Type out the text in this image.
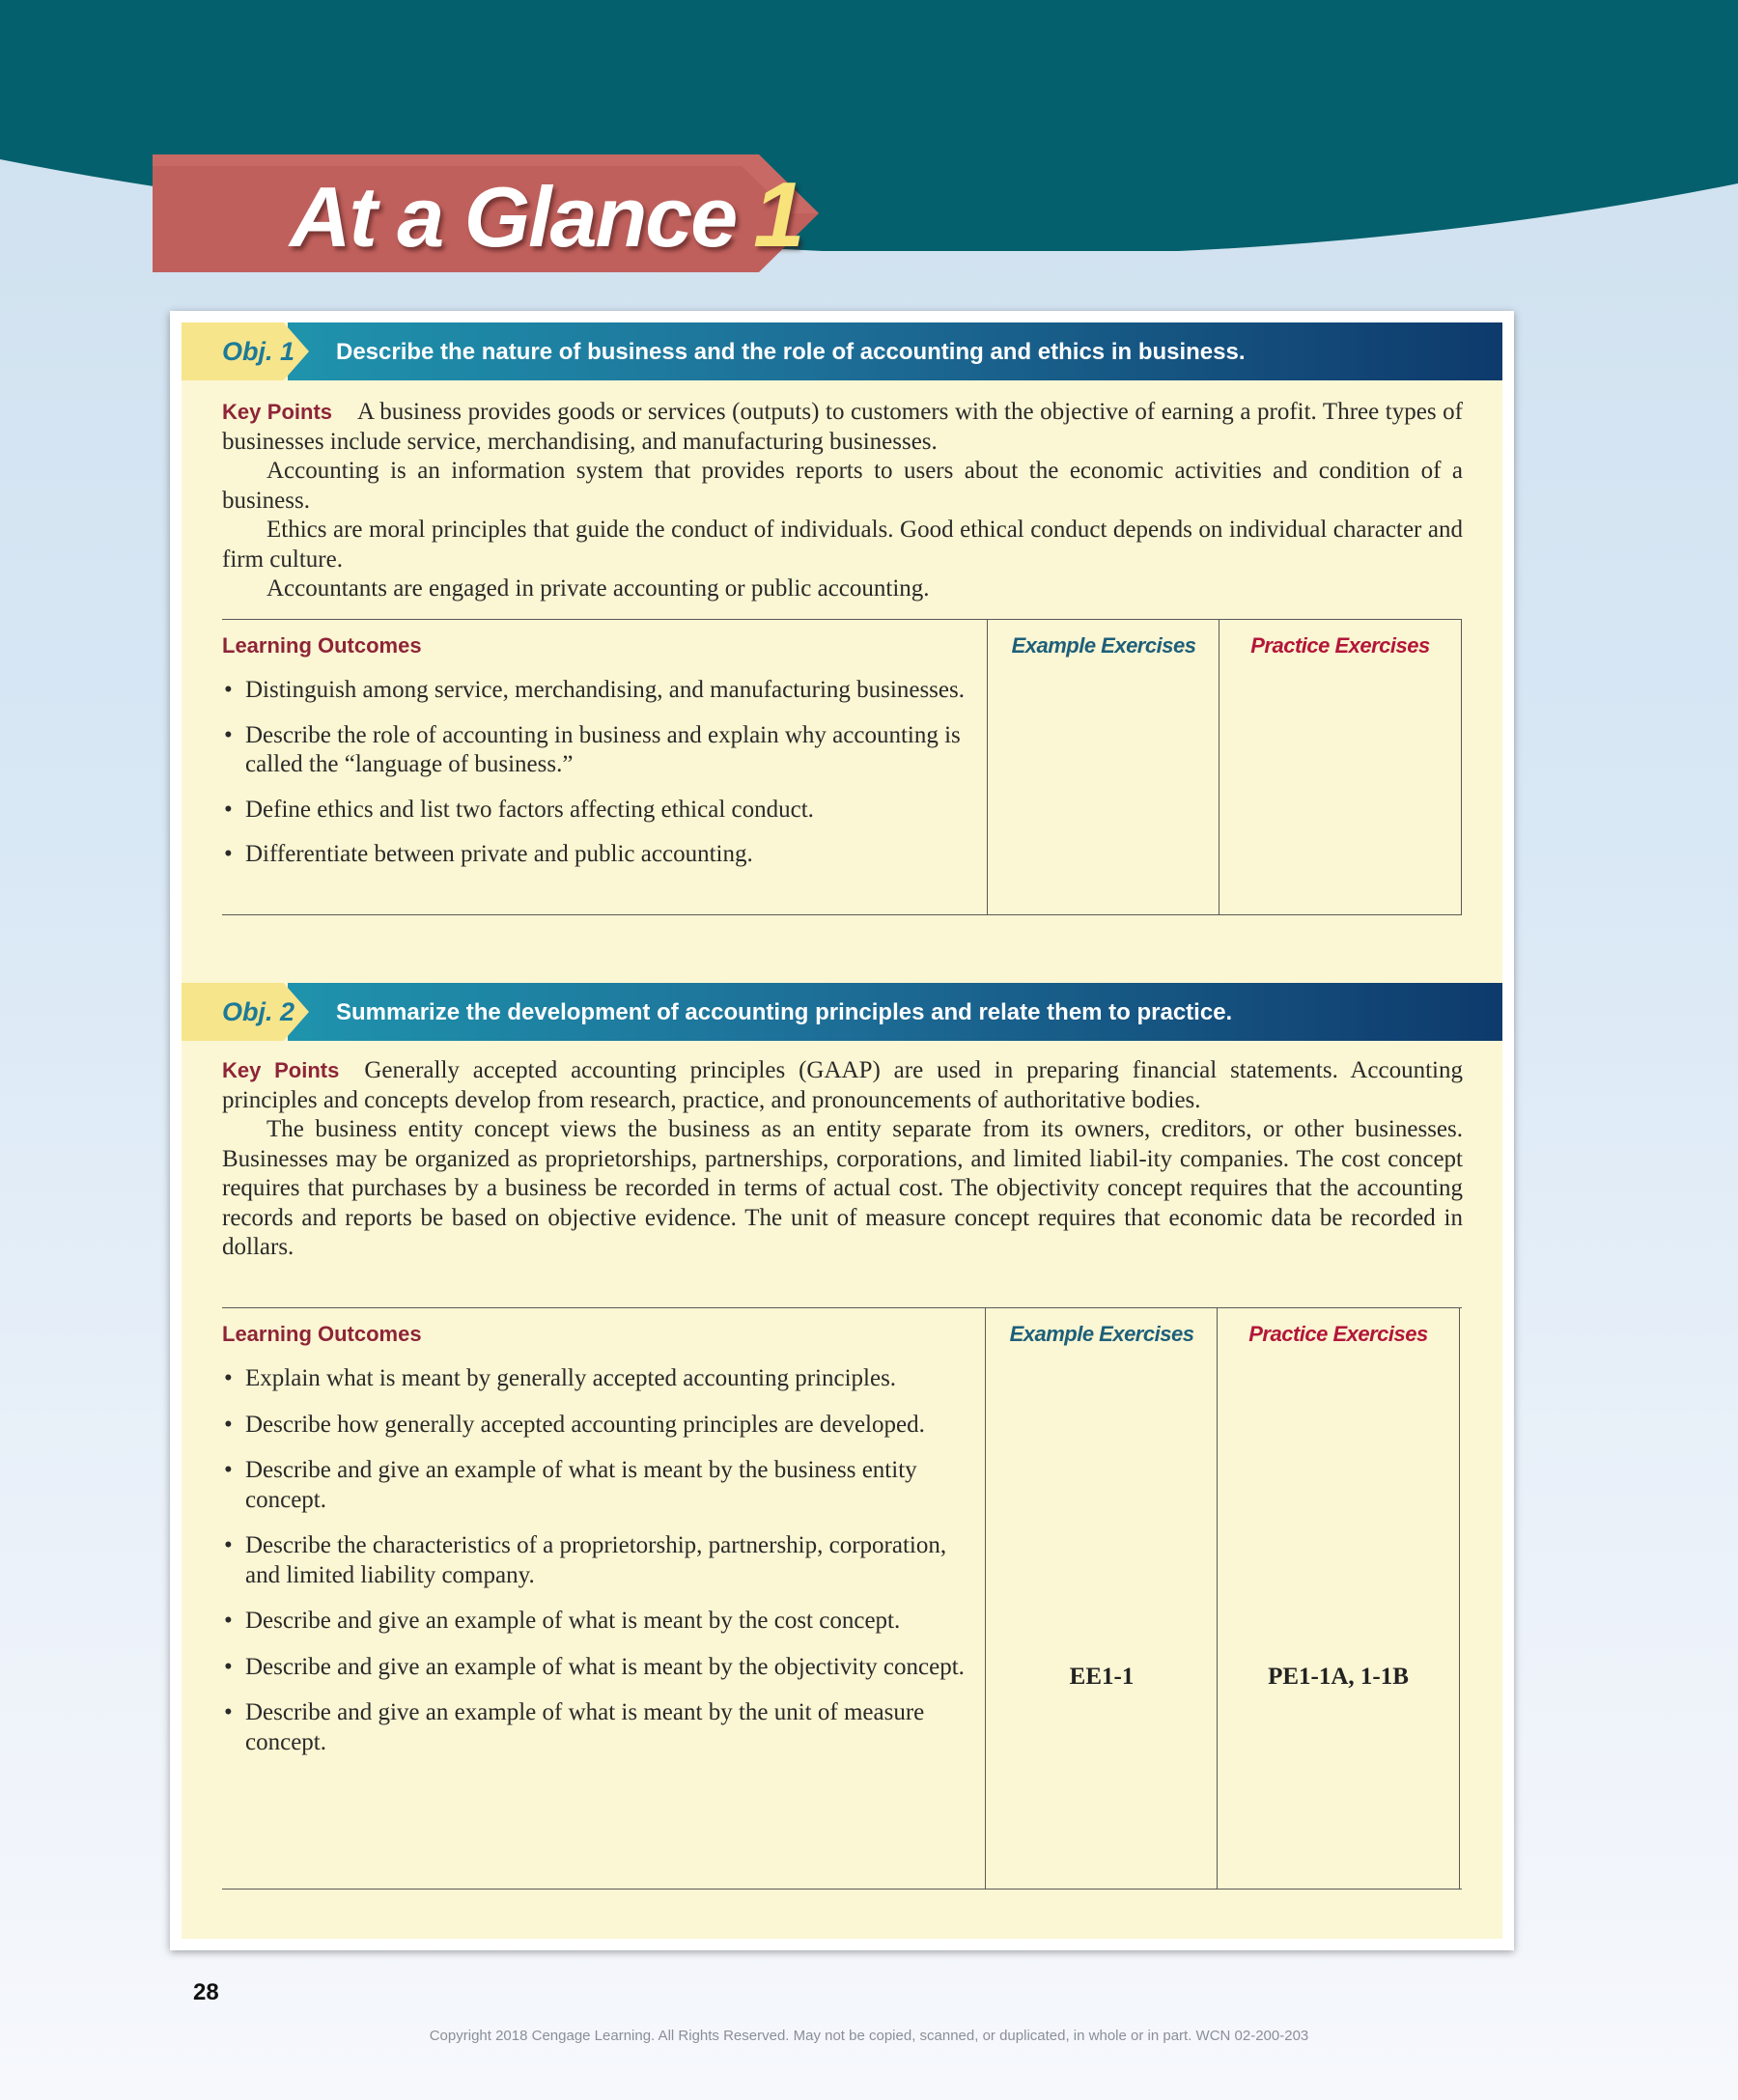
At a Glance 1
Obj. 1 Describe the nature of business and the role of accounting and ethics in business.

Key Points A business provides goods or services (outputs) to customers with the objective of earning a profit. Three types of businesses include service, merchandising, and manufacturing businesses.

Accounting is an information system that provides reports to users about the economic activities and condition of a business.

Ethics are moral principles that guide the conduct of individuals. Good ethical conduct depends on individual character and firm culture.

Accountants are engaged in private accounting or public accounting.

Learning Outcomes
• Distinguish among service, merchandising, and manufacturing businesses.
• Describe the role of accounting in business and explain why accounting is called the “language of business.”
• Define ethics and list two factors affecting ethical conduct.
• Differentiate between private and public accounting.
Example Exercises	Practice Exercises
Obj. 2 Summarize the development of accounting principles and relate them to practice.

Key Points Generally accepted accounting principles (GAAP) are used in preparing financial statements. Accounting principles and concepts develop from research, practice, and pronouncements of authoritative bodies.

The business entity concept views the business as an entity separate from its owners, creditors, or other businesses. Businesses may be organized as proprietorships, partnerships, corporations, and limited liabil-ity companies. The cost concept requires that purchases by a business be recorded in terms of actual cost. The objectivity concept requires that the accounting records and reports be based on objective evidence. The unit of measure concept requires that economic data be recorded in dollars.

Learning Outcomes
• Explain what is meant by generally accepted accounting principles.
• Describe how generally accepted accounting principles are developed.
• Describe and give an example of what is meant by the business entity concept.
• Describe the characteristics of a proprietorship, partnership, corporation, and limited liability company.
• Describe and give an example of what is meant by the cost concept.
• Describe and give an example of what is meant by the objectivity concept.
• Describe and give an example of what is meant by the unit of measure concept.
Example Exercises
EE1-1
Practice Exercises
PE1-1A, 1-1B
28
Copyright 2018 Cengage Learning. All Rights Reserved. May not be copied, scanned, or duplicated, in whole or in part. WCN 02-200-203
